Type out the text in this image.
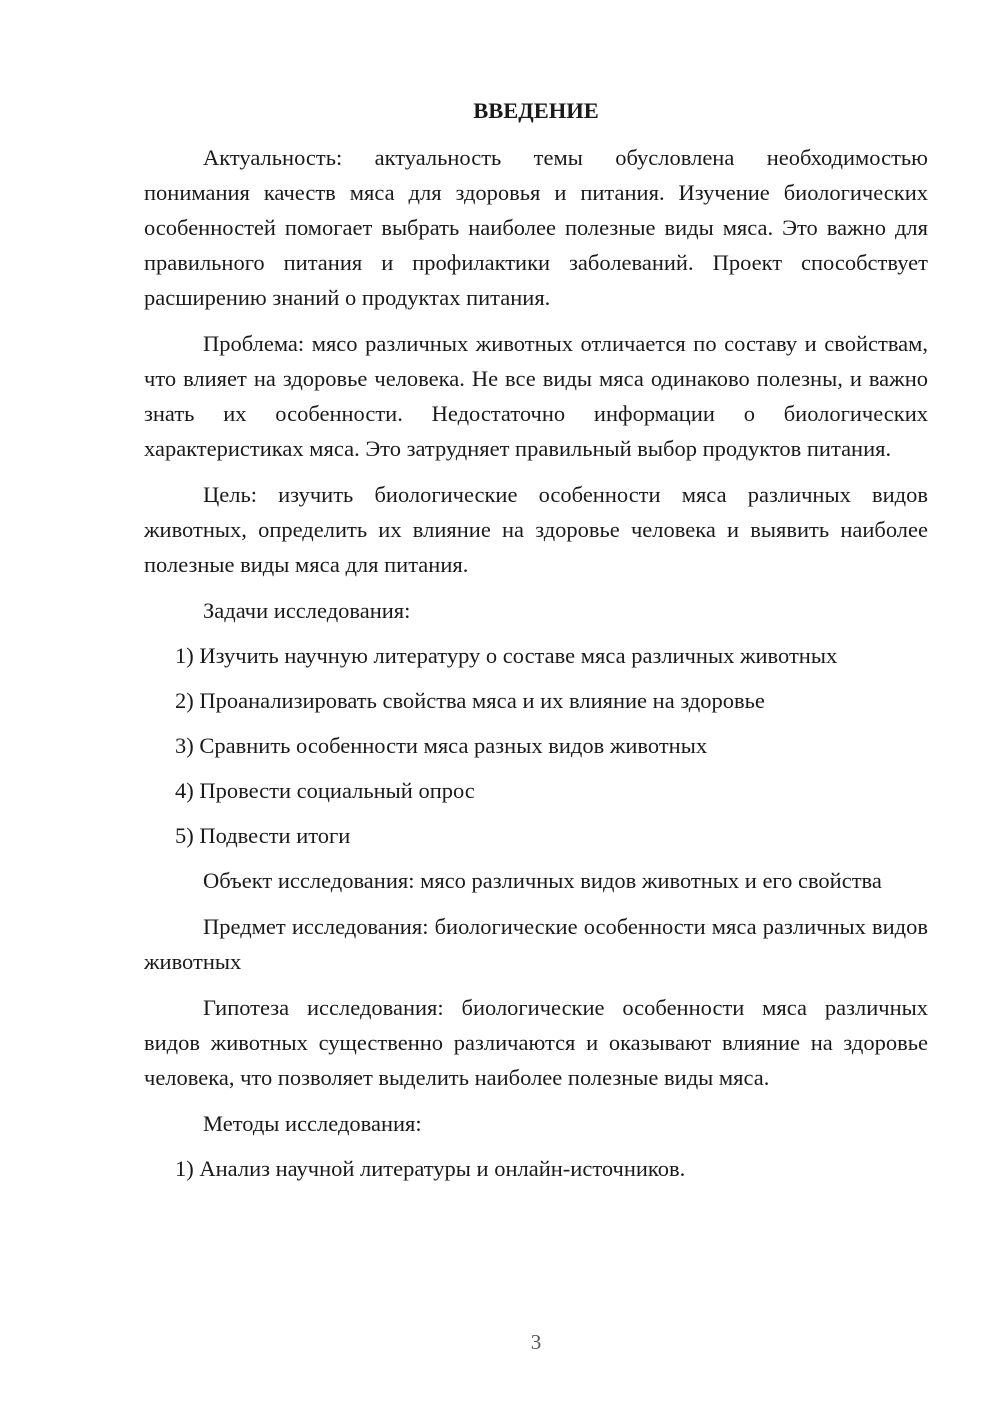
ВВЕДЕНИЕ

Актуальность: актуальность темы обусловлена необходимостью понимания качеств мяса для здоровья и питания. Изучение биологических особенностей помогает выбрать наиболее полезные виды мяса. Это важно для правильного питания и профилактики заболеваний. Проект способствует расширению знаний о продуктах питания.

Проблема: мясо различных животных отличается по составу и свойствам, что влияет на здоровье человека. Не все виды мяса одинаково полезны, и важно знать их особенности. Недостаточно информации о биологических характеристиках мяса. Это затрудняет правильный выбор продуктов питания.

Цель: изучить биологические особенности мяса различных видов животных, определить их влияние на здоровье человека и выявить наиболее полезные виды мяса для питания.

Задачи исследования:

1) Изучить научную литературу о составе мяса различных животных

2) Проанализировать свойства мяса и их влияние на здоровье

3) Сравнить особенности мяса разных видов животных

4) Провести социальный опрос

5) Подвести итоги

Объект исследования: мясо различных видов животных и его свойства

Предмет исследования: биологические особенности мяса различных видов животных

Гипотеза исследования: биологические особенности мяса различных видов животных существенно различаются и оказывают влияние на здоровье человека, что позволяет выделить наиболее полезные виды мяса.

Методы исследования:

1) Анализ научной литературы и онлайн-источников.

3
